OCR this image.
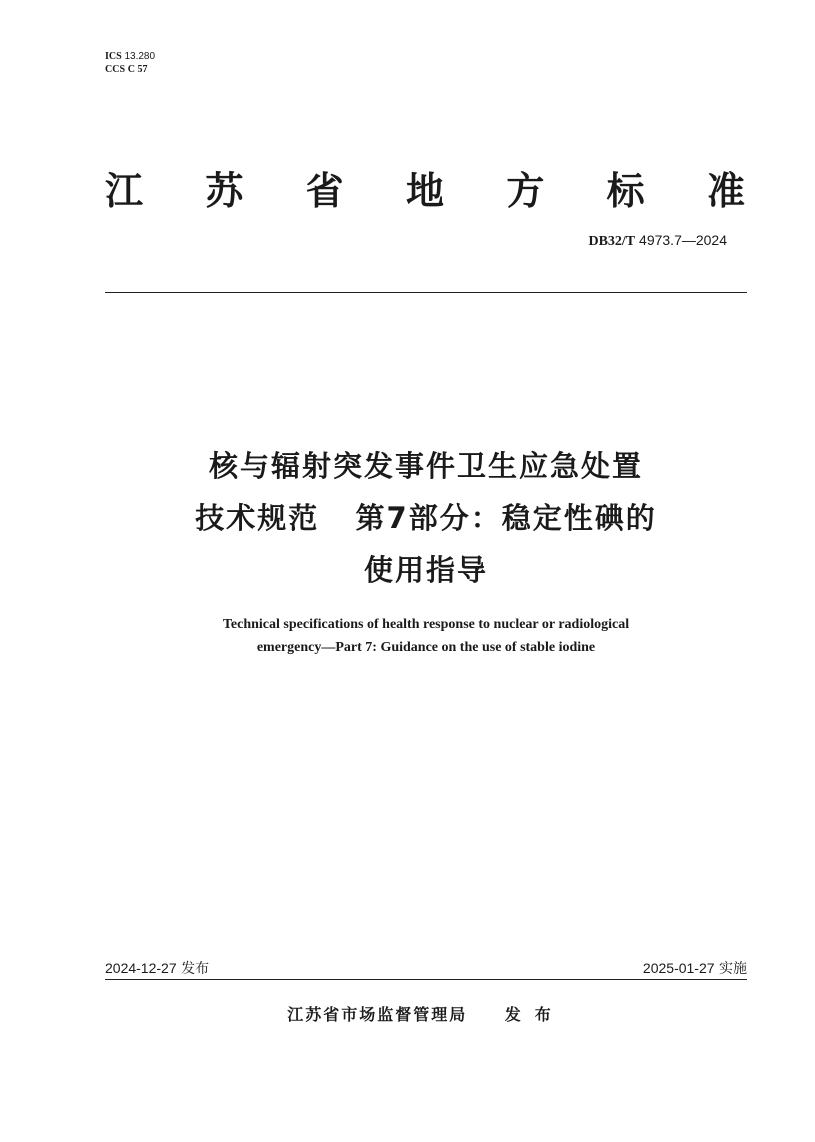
ICS 13.280
CCS C 57
江 苏 省 地 方 标 准
DB32/T 4973.7—2024
核与辐射突发事件卫生应急处置
技术规范   第7部分：稳定性碘的
使用指导
Technical specifications of health response to nuclear or radiological
emergency—Part 7: Guidance on the use of stable iodine
2024-12-27 发布	2025-01-27 实施
江苏省市场监督管理局 发布
